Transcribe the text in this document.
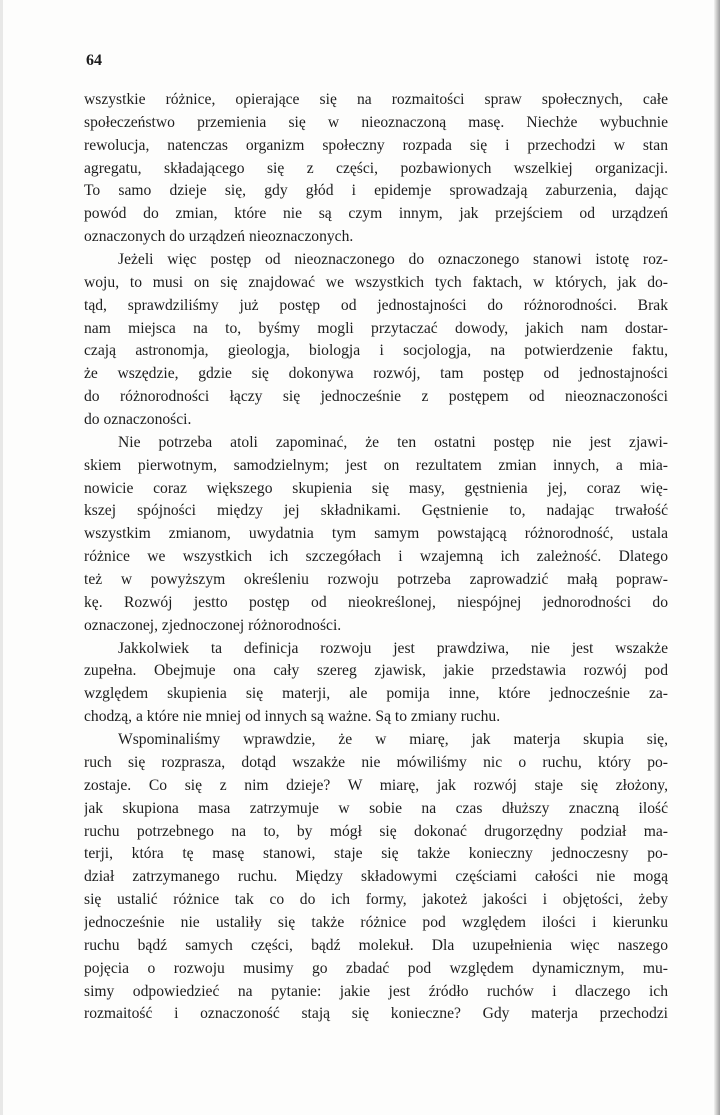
64

wszystkie różnice, opierające się na rozmaitości spraw społecznych, całe
społeczeństwo przemienia się w nieoznaczoną masę. Niechże wybuchnie
rewolucja, natenczas organizm społeczny rozpada się i przechodzi w stan
agregatu, składającego się z części, pozbawionych wszelkiej organizacji.
To samo dzieje się, gdy głód i epidemje sprowadzają zaburzenia, dając
powód do zmian, które nie są czym innym, jak przejściem od urządzeń
oznaczonych do urządzeń nieoznaczonych.
Jeżeli więc postęp od nieoznaczonego do oznaczonego stanowi istotę roz-
woju, to musi on się znajdować we wszystkich tych faktach, w których, jak do-
tąd, sprawdziliśmy już postęp od jednostajności do różnorodności. Brak
nam miejsca na to, byśmy mogli przytaczać dowody, jakich nam dostar-
czają astronomja, gieologja, biologja i socjologja, na potwierdzenie faktu,
że wszędzie, gdzie się dokonywa rozwój, tam postęp od jednostajności
do różnorodności łączy się jednocześnie z postępem od nieoznaczoności
do oznaczoności.
Nie potrzeba atoli zapominać, że ten ostatni postęp nie jest zjawi-
skiem pierwotnym, samodzielnym; jest on rezultatem zmian innych, a mia-
nowicie coraz większego skupienia się masy, gęstnienia jej, coraz wię-
kszej spójności między jej składnikami. Gęstnienie to, nadając trwałość
wszystkim zmianom, uwydatnia tym samym powstającą różnorodność, ustala
różnice we wszystkich ich szczegółach i wzajemną ich zależność. Dlatego
też w powyższym określeniu rozwoju potrzeba zaprowadzić małą popraw-
kę. Rozwój jestto postęp od nieokreślonej, niespójnej jednorodności do
oznaczonej, zjednoczonej różnorodności.
Jakkolwiek ta definicja rozwoju jest prawdziwa, nie jest wszakże
zupełna. Obejmuje ona cały szereg zjawisk, jakie przedstawia rozwój pod
względem skupienia się materji, ale pomija inne, które jednocześnie za-
chodzą, a które nie mniej od innych są ważne. Są to zmiany ruchu.
Wspominaliśmy wprawdzie, że w miarę, jak materja skupia się,
ruch się rozprasza, dotąd wszakże nie mówiliśmy nic o ruchu, który po-
zostaje. Co się z nim dzieje? W miarę, jak rozwój staje się złożony,
jak skupiona masa zatrzymuje w sobie na czas dłuższy znaczną ilość
ruchu potrzebnego na to, by mógł się dokonać drugorzędny podział ma-
terji, która tę masę stanowi, staje się także konieczny jednoczesny po-
dział zatrzymanego ruchu. Między składowymi częściami całości nie mogą
się ustalić różnice tak co do ich formy, jakoteż jakości i objętości, żeby
jednocześnie nie ustaliły się także różnice pod względem ilości i kierunku
ruchu bądź samych części, bądź molekuł. Dla uzupełnienia więc naszego
pojęcia o rozwoju musimy go zbadać pod względem dynamicznym, mu-
simy odpowiedzieć na pytanie: jakie jest źródło ruchów i dlaczego ich
rozmaitość i oznaczoność stają się konieczne? Gdy materja przechodzi
